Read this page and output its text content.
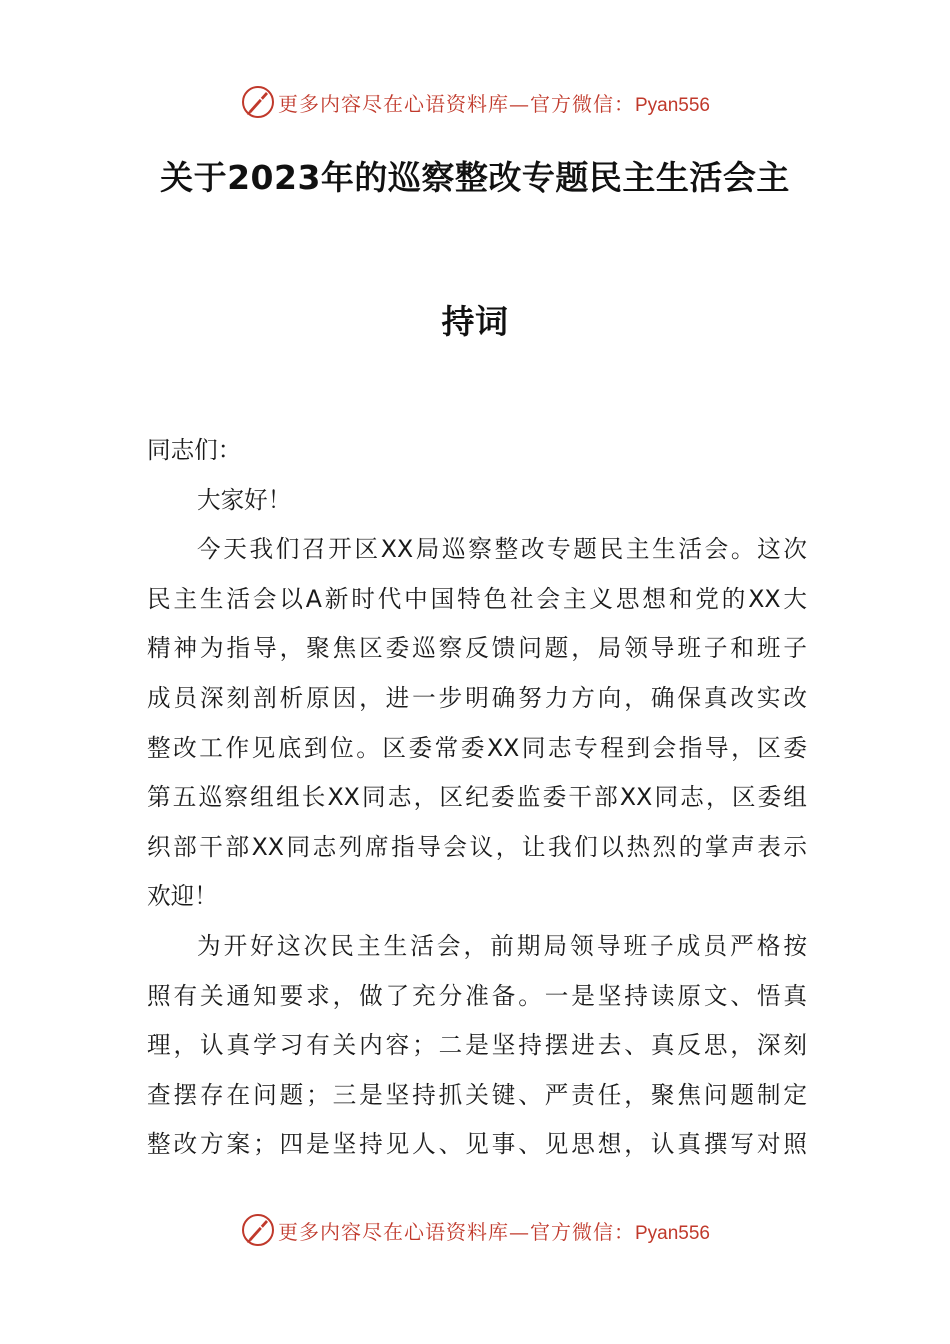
更多内容尽在心语资料库—官方微信：Pyan556
关于2023年的巡察整改专题民主生活会主
持词
同志们：
大家好！
今天我们召开区XX局巡察整改专题民主生活会。这次
民主生活会以A新时代中国特色社会主义思想和党的XX大
精神为指导，聚焦区委巡察反馈问题，局领导班子和班子
成员深刻剖析原因，进一步明确努力方向，确保真改实改
整改工作见底到位。区委常委XX同志专程到会指导，区委
第五巡察组组长XX同志，区纪委监委干部XX同志，区委组
织部干部XX同志列席指导会议，让我们以热烈的掌声表示
欢迎！
为开好这次民主生活会，前期局领导班子成员严格按
照有关通知要求，做了充分准备。一是坚持读原文、悟真
理，认真学习有关内容；二是坚持摆进去、真反思，深刻
查摆存在问题；三是坚持抓关键、严责任，聚焦问题制定
整改方案；四是坚持见人、见事、见思想，认真撰写对照
更多内容尽在心语资料库—官方微信：Pyan556
